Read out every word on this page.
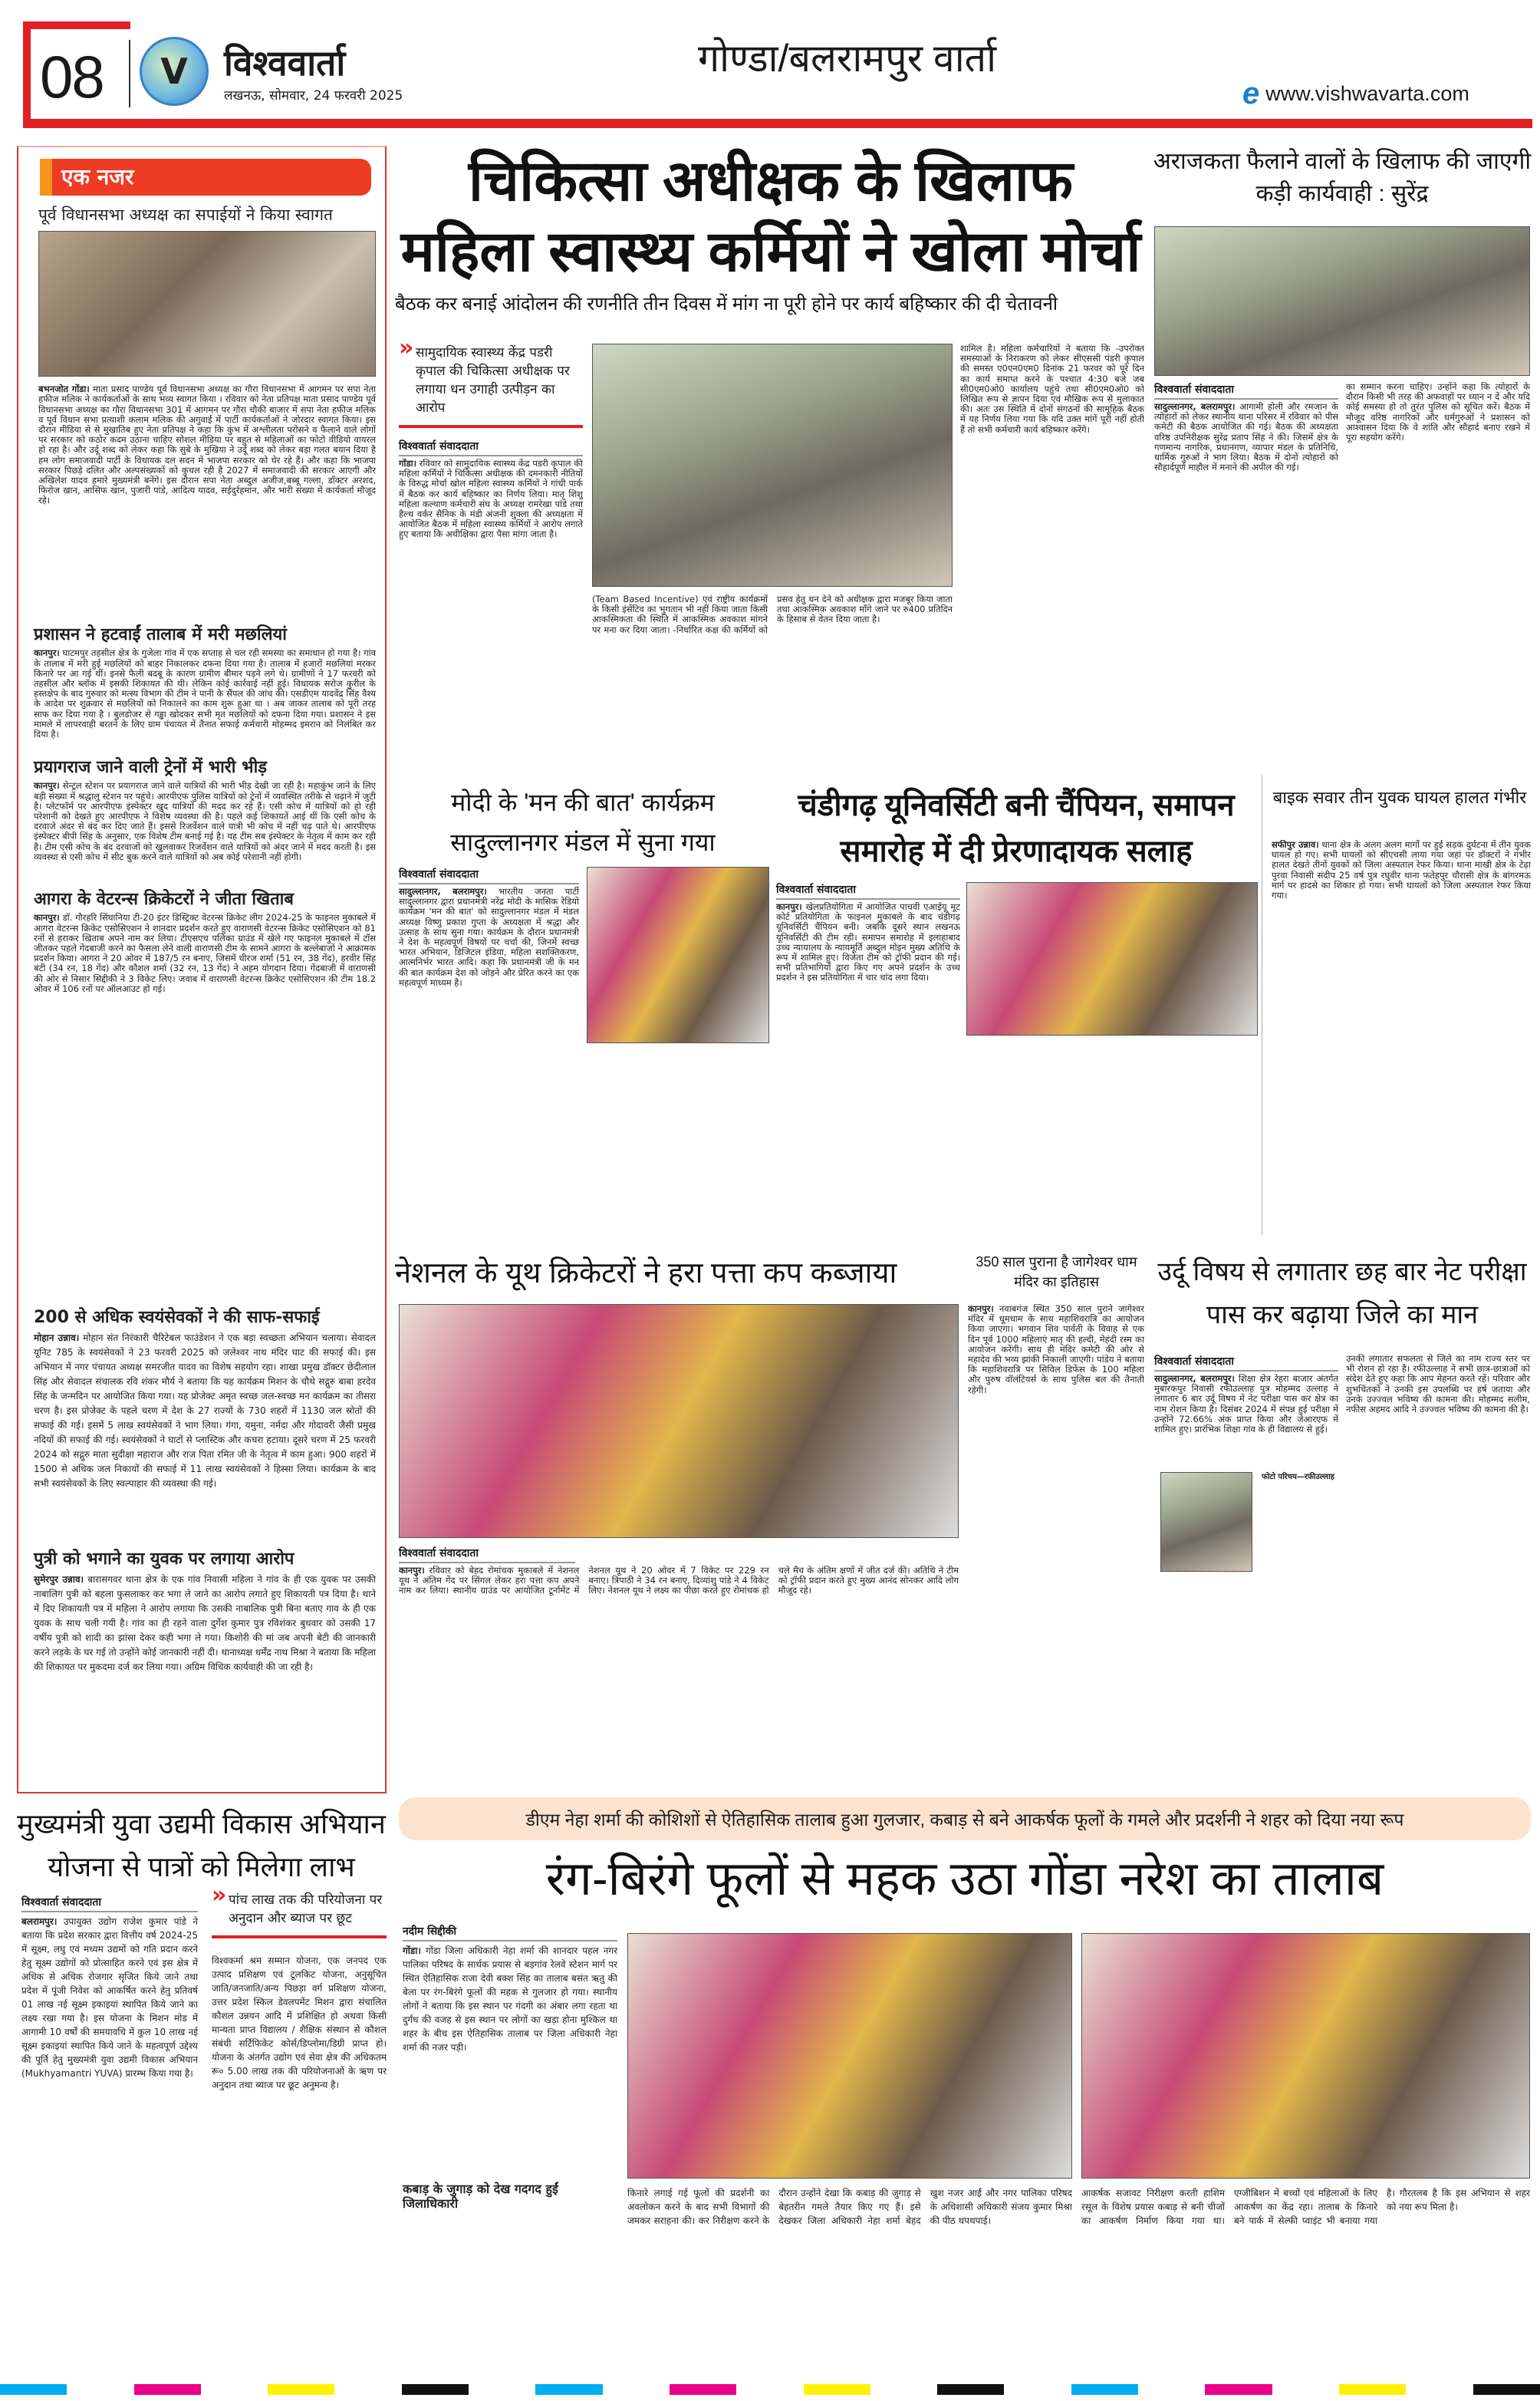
08 V विश्ववार्ता
लखनऊ, सोमवार, 24 फरवरी 2025
गोण्डा/बलरामपुर वार्ता
e www.vishwavarta.com
एक नजर
पूर्व विधानसभा अध्यक्ष का सपाईयों ने किया स्वागत
बभनजोत गोंडा। माता प्रसाद पाण्डेय पूर्व विधानसभा अध्यक्ष का गौरा विधानसभा में आगमन पर सपा नेता हफीज मलिक ने कार्यकर्ताओं के साथ भव्य स्वागत किया । रविवार को नेता प्रतिपक्ष माता प्रसाद पाण्डेय पूर्व विधानसभा अध्यक्ष का गौरा विधानसभा 301 में आगमन पर गौरा चौकी बाजार में सपा नेता हफीज मलिक व पूर्व विधान सभा प्रत्याशी कलाम मलिक की अगुवाई में पार्टी कार्यकर्ताओं ने जोरदार स्वागत किया। इस दौरान मीडिया से से मुखातिब हुए नेता प्रतिपक्ष ने कहा कि कुंभ में अश्लीलता परोसने व फैलाने वाले लोगों पर सरकार को कठोर कदम उठाना चाहिए सोशल मीडिया पर बहुत से महिलाओं का फोटो वीडियो वायरल हो रहा है। और उर्दू शब्द को लेकर कहा कि सुबे के मुखिया ने उर्दू शब्द को लेकर बड़ा गलत बयान दिया है हम लोग समाजवादी पार्टी के विधायक दल सदन में भाजपा सरकार को घेर रहे हैं। और कहा कि भाजपा सरकार पिछड़े दलित और अल्पसंख्यकों को कुचल रही है 2027 में समाजवादी की सरकार आएगी और अखिलेश यादव हमारे मुख्यमंत्री बनेंगे। इस दौरान सपा नेता अब्दुल अजीज,बब्बू गल्ला, डॉक्टर अरशद, फिरोज खान, आसिफ खान, पुजारी पांडे, आदित्य यादव, सईदुर्रहमान, और भारी संख्या में कार्यकर्ता मौजूद रहे।
प्रशासन ने हटवाईं तालाब में मरी मछलियां
कानपुर। घाटमपुर तहसील क्षेत्र के गुजेला गांव में एक सप्ताह से चल रही समस्या का समाधान हो गया है। गांव के तालाब में मरी हुई मछलियों को बाहर निकालकर दफना दिया गया है। तालाब में हजारों मछलियां मरकर किनारे पर आ गई थीं। इनसे फैली बदबू के कारण ग्रामीण बीमार पड़ने लगे थे। ग्रामीणों ने 17 फरवरी को तहसील और ब्लॉक में इसकी शिकायत की थी। लेकिन कोई कार्रवाई नहीं हुई। विधायक सरोज कुरील के हस्तक्षेप के बाद गुरुवार को मत्स्य विभाग की टीम ने पानी के सैंपल की जांच की। एसडीएम यादवेंद्र सिंह वैश्य के आदेश पर शुक्रवार से मछलियों को निकालने का काम शुरू हुआ था । अब जाकर तालाब को पूरी तरह साफ कर दिया गया है । बुलडोजर से गड्ढा खोदकर सभी मृत मछलियों को दफना दिया गया। प्रशासन ने इस मामले में लापरवाही बरतने के लिए ग्राम पंचायत में तैनात सफाई कर्मचारी मोहम्मद इमरान को निलंबित कर दिया है।
प्रयागराज जाने वाली ट्रेनों में भारी भीड़
कानपुर। सेन्ट्रल स्टेशन पर प्रयागराज जाने वाले यात्रियों की भारी भीड़ देखी जा रही है। महाकुंभ जाने के लिए बड़ी संख्या में श्रद्धालु स्टेशन पर पहुंचे। आरपीएफ पुलिस यात्रियों को ट्रेनों में व्यवस्थित तरीके से चढ़ाने में जुटी है। प्लेटफॉर्म पर आरपीएफ इंस्पेक्टर खुद यात्रियों की मदद कर रहे हैं। एसी कोच में यात्रियों को हो रही परेशानी को देखते हुए आरपीएफ ने विशेष व्यवस्था की है। पहले कई शिकायतें आई थीं कि एसी कोच के दरवाजे अंदर से बंद कर दिए जाते हैं। इससे रिजर्वेशन वाले यात्री भी कोच में नहीं चढ़ पाते थे। आरपीएफ इंस्पेक्टर बीपी सिंह के अनुसार, एक विशेष टीम बनाई गई है। यह टीम सब इंस्पेक्टर के नेतृत्व में काम कर रही है। टीम एसी कोच के बंद दरवाजों को खुलवाकर रिजर्वेशन वाले यात्रियों को अंदर जाने में मदद करती है। इस व्यवस्था से एसी कोच में सीट बुक करने वाले यात्रियों को अब कोई परेशानी नहीं होगी।
आगरा के वेटरन्स क्रिकेटरों ने जीता खिताब
कानपुर। डॉ. गौरहरि सिंघानिया टी-20 इंटर डिस्ट्रिक्ट वेटरन्स क्रिकेट लीग 2024-25 के फाइनल मुकाबले में आगरा वेटरन्स क्रिकेट एसोसिएशन ने शानदार प्रदर्शन करते हुए वाराणसी वेटरन्स क्रिकेट एसोसिएशन को 81 रनों से हराकर खिताब अपने नाम कर लिया। टीएसएच पलिका ग्राउंड में खेले गए फाइनल मुकाबले में टॉस जीतकर पहले गेंदबाजी करने का फैसला लेने वाली वाराणसी टीम के सामने आगरा के बल्लेबाजों ने आक्रामक प्रदर्शन किया। आगरा ने 20 ओवर में 187/5 रन बनाए, जिसमें धीरज शर्मा (51 रन, 38 गेंद), हरवीर सिंह बंटी (34 रन, 18 गेंद) और कौशल शर्मा (32 रन, 13 गेंद) ने अहम योगदान दिया। गेंदबाजी में वाराणसी की ओर से निसार सिद्दीकी ने 3 विकेट लिए। जवाब में वाराणसी वेटरन्स क्रिकेट एसोसिएशन की टीम 18.2 ओवर में 106 रनों पर ऑलआउट हो गई।
200 से अधिक स्वयंसेवकों ने की साफ-सफाई
मोहान उन्नाव। मोहान संत निरंकारी चैरिटेबल फाउंडेशन ने एक बड़ा स्वच्छता अभियान चलाया। सेवादल यूनिट 785 के स्वयंसेवकों ने 23 फरवरी 2025 को जलेश्वर नाथ मंदिर घाट की सफाई की। इस अभियान में नगर पंचायत अध्यक्ष समरजीत यादव का विशेष सहयोग रहा। शाखा प्रमुख डॉक्टर छेदीलाल सिंह और सेवादल संचालक रवि शंकर मौर्य ने बताया कि यह कार्यक्रम मिशन के चौथे सद्गुरु बाबा हरदेव सिंह के जन्मदिन पर आयोजित किया गया। यह प्रोजेक्ट अमृत स्वच्छ जल-स्वच्छ मन कार्यक्रम का तीसरा चरण है। इस प्रोजेक्ट के पहले चरण में देश के 27 राज्यों के 730 शहरों में 1130 जल स्रोतों की सफाई की गई। इसमें 5 लाख स्वयंसेवकों ने भाग लिया। गंगा, यमुना, नर्मदा और गोदावरी जैसी प्रमुख नदियों की सफाई की गई। स्वयंसेवकों ने घाटों से प्लास्टिक और कचरा हटाया। दूसरे चरण में 25 फरवरी 2024 को सद्गुरु माता सुदीक्षा महाराज और राज पिता रमित जी के नेतृत्व में काम हुआ। 900 शहरों में 1500 से अधिक जल निकायों की सफाई में 11 लाख स्वयंसेवकों ने हिस्सा लिया। कार्यक्रम के बाद सभी स्वयंसेवकों के लिए स्वल्पाहार की व्यवस्था की गई।
पुत्री को भगाने का युवक पर लगाया आरोप
सुमेरपुर उन्नाव। बारासगवर थाना क्षेत्र के एक गांव निवासी महिला ने गांव के ही एक युवक पर उसकी नाबालिग पुत्री को बहला फुसलाकर कर भगा ले जाने का आरोप लगाते हुए शिकायती पत्र दिया है। थाने में दिए शिकायती पत्र में महिला ने आरोप लगाया कि उसकी नाबालिक पुत्री बिना बताए गाव के ही एक युवक के साथ चली गयी है। गांव का ही रहने वाला दुर्गेश कुमार पुत्र रविशंकर बुधवार को उसकी 17 वर्षीय पुत्री को शादी का झांसा देकर कही भगा ले गया। किशोरी की मां जब अपनी बेटी की जानकारी करने लड़के के घर गई तो उन्होंने कोई जानकारी नहीं दी। थानाध्यक्ष धर्मेंद्र नाथ मिश्रा ने बताया कि महिला की शिकायत पर मुकदमा दर्ज कर लिया गया। अग्रिम विधिक कार्यवाही की जा रही है।
चिकित्सा अधीक्षक के खिलाफ महिला स्वास्थ्य कर्मियों ने खोला मोर्चा
बैठक कर बनाई आंदोलन की रणनीति तीन दिवस में मांग ना पूरी होने पर कार्य बहिष्कार की दी चेतावनी
» सामुदायिक स्वास्थ्य केंद्र पडरी कृपाल की चिकित्सा अधीक्षक पर लगाया धन उगाही उत्पीड़न का आरोप
विश्ववार्ता संवाददाता
गोंडा। रविवार को सामुदायिक स्वास्थ्य केंद्र पडरी कृपाल की महिला कर्मियों ने चिकित्सा अधीक्षक की दमनकारी नीतियों के विरुद्ध मोर्चा खोल महिला स्वास्थ्य कर्मियों ने गांधी पार्क में बैठक कर कार्य बहिष्कार का निर्णय लिया। मातृ शिशु महिला कल्याण कर्मचारी संघ के अध्यक्ष रामरेखा पांडे तथा हैल्थ वर्कर सैनिक के मंडी अंजनी शुक्ला की अध्यक्षता में आयोजित बैठक में महिला स्वास्थ्य कर्मियों ने आरोप लगाते हुए बताया कि अधीक्षिका द्वारा पैसा मांगा जाता है।
(Team Based Incentive) एवं राष्ट्रीय कार्यक्रमों के किसी इंसेंटिव का भुगतान भी नहीं किया जाता किसी आकस्मिकता की स्थिति में आकस्मिक अवकाश मांगने पर मना कर दिया जाता। -निर्धारित कक्ष की कर्मियों को प्रसव हेतु धन देने को अधीक्षक द्वारा मजबूर किया जाता तथा आकस्मिक अवकाश माँगे जाने पर रु400 प्रतिदिन के हिसाब से वेतन दिया जाता है।
शामिल है। महिला कर्मचारियों ने बताया कि -उपरोक्त समस्याओं के निराकरण को लेकर सीएससी पंडरी कृपाल की समस्त ए0एन0एम0 दिनांक 21 फरवर को पूरे दिन का कार्य समाप्त करने के पश्चात 4:30 बजे जब सी0एम0ओ0 कार्यालय पहुंचे तथा सी0एम0ओ0 को लिखित रूप से ज्ञापन दिया एवं मौखिक रूप से मुलाकात की। अतः उस स्थिति में दोनों संगठनों की सामूहिक बैठक में यह निर्णय लिया गया कि यदि उक्त मांगें पूरी नहीं होती हैं तो सभी कर्मचारी कार्य बहिष्कार करेंगे।
अराजकता फैलाने वालों के खिलाफ की जाएगी कड़ी कार्यवाही : सुरेंद्र
विश्ववार्ता संवाददाता
सादुल्लानगर, बलरामपुर। आगामी होली और रमजान के त्योहारों को लेकर स्थानीय थाना परिसर में रविवार को पीस कमेटी की बैठक आयोजित की गई। बैठक की अध्यक्षता वरिष्ठ उपनिरीक्षक सुरेंद्र प्रताप सिंह ने की। जिसमें क्षेत्र के गणमान्य नागरिक, प्रधानगण, व्यापार मंडल के प्रतिनिधि, धार्मिक गुरुओं ने भाग लिया। बैठक में दोनों त्योहारों को सौहार्दपूर्ण माहौल में मनाने की अपील की गई।
का सम्मान करना चाहिए। उन्होंने कहा कि त्योहारों के दौरान किसी भी तरह की अफवाहों पर ध्यान न दें और यदि कोई समस्या हो तो तुरंत पुलिस को सूचित करें। बैठक में मौजूद वरिष्ठ नागरिकों और धर्मगुरुओं ने प्रशासन को आश्वासन दिया कि वे शांति और सौहार्द बनाए रखने में पूरा सहयोग करेंगे।
मोदी के 'मन की बात' कार्यक्रम सादुल्लानगर मंडल में सुना गया
विश्ववार्ता संवाददाता
सादुल्लानगर, बलरामपुर। भारतीय जनता पार्टी सादुल्लानगर द्वारा प्रधानमंत्री नरेंद्र मोदी के मासिक रेडियो कार्यक्रम 'मन की बात' को सादुल्लानगर मंडल में मंडल अध्यक्ष विष्णु प्रकाश गुप्ता के अध्यक्षता में श्रद्धा और उत्साह के साथ सुना गया। कार्यक्रम के दौरान प्रधानमंत्री ने देश के महत्वपूर्ण विषयों पर चर्चा की, जिनमें स्वच्छ भारत अभियान, डिजिटल इंडिया, महिला सशक्तिकरण, आत्मनिर्भर भारत आदि। कहा कि प्रधानमंत्री जी के मन की बात कार्यक्रम देश को जोड़ने और प्रेरित करने का एक महत्वपूर्ण माध्यम है।
चंडीगढ़ यूनिवर्सिटी बनी चैंपियन, समापन समारोह में दी प्रेरणादायक सलाह
विश्ववार्ता संवाददाता
कानपुर। खेलप्रतियोगिता में आयोजित पाचवी एआईयू मूट कोर्ट प्रतियोगिता के फाइनल मुकाबले के बाद चंडीगढ़ यूनिवर्सिटी चैंपियन बनी। जबकि दूसरे स्थान लखनऊ यूनिवर्सिटी की टीम रही। समापन समारोह में इलाहाबाद उच्च न्यायालय के न्यायमूर्ति अब्दुल मोइन मुख्य अतिथि के रूप में शामिल हुए। विजेता टीम को ट्रॉफी प्रदान की गई। सभी प्रतिभागियों द्वारा किए गए अपने प्रदर्शन के उच्च प्रदर्शन ने इस प्रतियोगिता में चार चांद लगा दिया।
बाइक सवार तीन युवक घायल हालत गंभीर
सफीपुर उन्नाव। थाना क्षेत्र के अलग अलग मार्गो पर हुई सड़क दुर्घटना में तीन युवक घायल हो गए। सभी घायलों को सीएचसी लाया गया जहां पर डॉक्टरों ने गंभीर हालत देखते तीनों युवकों को जिला अस्पताल रेफर किया। थाना माखी क्षेत्र के टेढ़ा पुरवा निवासी संदीप 25 वर्ष पुत्र रघुवीर थाना फतेहपुर चौरासी क्षेत्र के बांगरमऊ मार्ग पर हादसे का शिकार हो गया। सभी घायलों को जिला अस्पताल रेफर किया गया।
नेशनल के यूथ क्रिकेटरों ने हरा पत्ता कप कब्जाया
विश्ववार्ता संवाददाता
कानपुर। रविवार को बेहद रोमांचक मुकाबले में नेशनल यूथ ने अंतिम गेंद पर सिंगल लेकर हरा पत्ता कप अपने नाम कर लिया। स्थानीय ग्राउंड पर आयोजित टूर्नामेंट में नेशनल यूथ ने 20 ओवर में 7 विकेट पर 229 रन बनाए। त्रिपाठी ने 34 रन बनाए, दिव्यांशु पांडे ने 4 विकेट लिए। नेशनल यूथ ने लक्ष्य का पीछा करते हुए रोमांचक हो चले मैच के अंतिम क्षणों में जीत दर्ज की। अतिथि ने टीम को ट्रॉफी प्रदान करते हुए मुख्य आनंद सोनकर आदि लोग मौजूद रहे।
350 साल पुराना है जागेश्वर धाम मंदिर का इतिहास
कानपुर। नवाबगंज स्थित 350 साल पुराने जागेश्वर मंदिर में धूमधाम के साथ महाशिवरात्रि का आयोजन किया जाएगा। भगवान शिव पार्वती के विवाह से एक दिन पूर्व 1000 महिलाएं मातृ की हल्दी, मेहंदी रस्म का आयोजन करेंगी। साथ ही मंदिर कमेटी की ओर से महादेव की भव्य झांकी निकाली जाएगी। पांडेय ने बताया कि महाशिवरात्रि पर सिविल डिफेंस के 100 महिला और पुरुष वॉलंटियर्स के साथ पुलिस बल की तैनाती रहेगी।
उर्दू विषय से लगातार छह बार नेट परीक्षा पास कर बढ़ाया जिले का मान
विश्ववार्ता संवाददाता
सादुल्लानगर, बलरामपुर। शिक्षा क्षेत्र रेहरा बाजार अंतर्गत मुबारकपुर निवासी रफीउल्लाह पुत्र मोहम्मद उल्लाह ने लगातार 6 बार उर्दू विषय में नेट परीक्षा पास कर क्षेत्र का नाम रोशन किया है। दिसंबर 2024 में संपन्न हुई परीक्षा में उन्होंने 72.66% अंक प्राप्त किया और जेआरएफ में शामिल हुए। प्रारंभिक शिक्षा गांव के ही विद्यालय से हुई।
फोटो परिचय—रफीउल्लाह
उनकी लगातार सफलता से जिले का नाम राज्य स्तर पर भी रोशन हो रहा है। रफीउल्लाह ने सभी छात्र-छात्राओं को संदेश देते हुए कहा कि आप मेहनत करते रहें। परिवार और शुभचिंतकों ने उनकी इस उपलब्धि पर हर्ष जताया और उनके उज्ज्वल भविष्य की कामना की। मोहम्मद सलीम, नफीस अहमद आदि ने उज्ज्वल भविष्य की कामना की है।
मुख्यमंत्री युवा उद्यमी विकास अभियान योजना से पात्रों को मिलेगा लाभ
विश्ववार्ता संवाददाता
बलरामपुर। उपायुक्त उद्योग राजेश कुमार पांडे ने बताया कि प्रदेश सरकार द्वारा वित्तीय वर्ष 2024-25 में सूक्ष्म, लघु एवं मध्यम उद्यमों को गति प्रदान करने हेतु सूक्ष्म उद्योगों को प्रोत्साहित करने एवं इस क्षेत्र में अधिक से अधिक रोजगार सृजित किये जाने तथा प्रदेश में पूंजी निवेश को आकर्षित करने हेतु प्रतिवर्ष 01 लाख नई सूक्ष्म इकाइयां स्थापित किये जाने का लक्ष्य रखा गया है। इस योजना के मिशन मोड में आगामी 10 वर्षों की समयावधि में कुल 10 लाख नई सूक्ष्म इकाइयां स्थापित किये जाने के महत्वपूर्ण उद्देश्य की पूर्ति हेतु मुख्यमंत्री युवा उद्यमी विकास अभियान (Mukhyamantri YUVA) प्रारम्भ किया गया है।
» पांच लाख तक की परियोजना पर अनुदान और ब्याज पर छूट
विश्वकर्मा श्रम सम्मान योजना, एक जनपद एक उत्पाद प्रशिक्षण एवं टूलकिट योजना, अनुसूचित जाति/जनजाति/अन्य पिछड़ा वर्ग प्रशिक्षण योजना, उत्तर प्रदेश स्किल डेवलपमेंट मिशन द्वारा संचालित कौशल उन्नयन आदि में प्रशिक्षित हो अथवा किसी मान्यता प्राप्त विद्यालय / शैक्षिक संस्थान से कौशल संबंधी सर्टिफिकेट कोर्स/डिप्लोमा/डिग्री प्राप्त हो। योजना के अंतर्गत उद्योग एवं सेवा क्षेत्र की अधिकतम रू० 5.00 लाख तक की परियोजनाओं के ऋण पर अनुदान तथा ब्याज पर छूट अनुमन्य है।
डीएम नेहा शर्मा की कोशिशों से ऐतिहासिक तालाब हुआ गुलजार, कबाड़ से बने आकर्षक फूलों के गमले और प्रदर्शनी ने शहर को दिया नया रूप
रंग-बिरंगे फूलों से महक उठा गोंडा नरेश का तालाब
नदीम सिद्दीकी
गोंडा। गोंडा जिला अधिकारी नेहा शर्मा की शानदार पहल नगर पालिका परिषद के सार्थक प्रयास से बड़गांव रेलवे स्टेशन मार्ग पर स्थित ऐतिहासिक राजा देवी बक्श सिंह का तालाब बसंत ऋतु की बेला पर रंग-बिरंगे फूलों की महक से गुलजार हो गया। स्थानीय लोगों ने बताया कि इस स्थान पर गंदगी का अंबार लगा रहता था दुर्गंध की वजह से इस स्थान पर लोगों का खड़ा होना मुश्किल था शहर के बीच इस ऐतिहासिक तालाब पर जिला अधिकारी नेहा शर्मा की नजर पड़ी।
कबाड़ के जुगाड़ को देख गदगद हुईं जिलाधिकारी
किनारे लगाई गई फूलों की प्रदर्शनी का अवलोकन करने के बाद सभी विभागों की जमकर सराहना की। कर निरीक्षण करने के दौरान उन्होंने देखा कि कबाड़ की जुगाड़ से बेहतरीन गमले तैयार किए गए हैं। इसे देखकर जिला अधिकारी नेहा शर्मा बेहद खुश नजर आईं और नगर पालिका परिषद के अधिशासी अधिकारी संजय कुमार मिश्रा की पीठ थपथपाई।
आकर्षक सजावट निरीक्षण करती हाशिम रसूल के विशेष प्रयास कबाड़ से बनी चीजों का आकर्षण निर्माण किया गया था। एग्जीबिशन में बच्चों एवं महिलाओं के लिए आकर्षण का केंद्र रहा। तालाब के किनारे बने पार्क में सेल्फी प्वाइंट भी बनाया गया है। गौरतलब है कि इस अभियान से शहर को नया रूप मिला है।
